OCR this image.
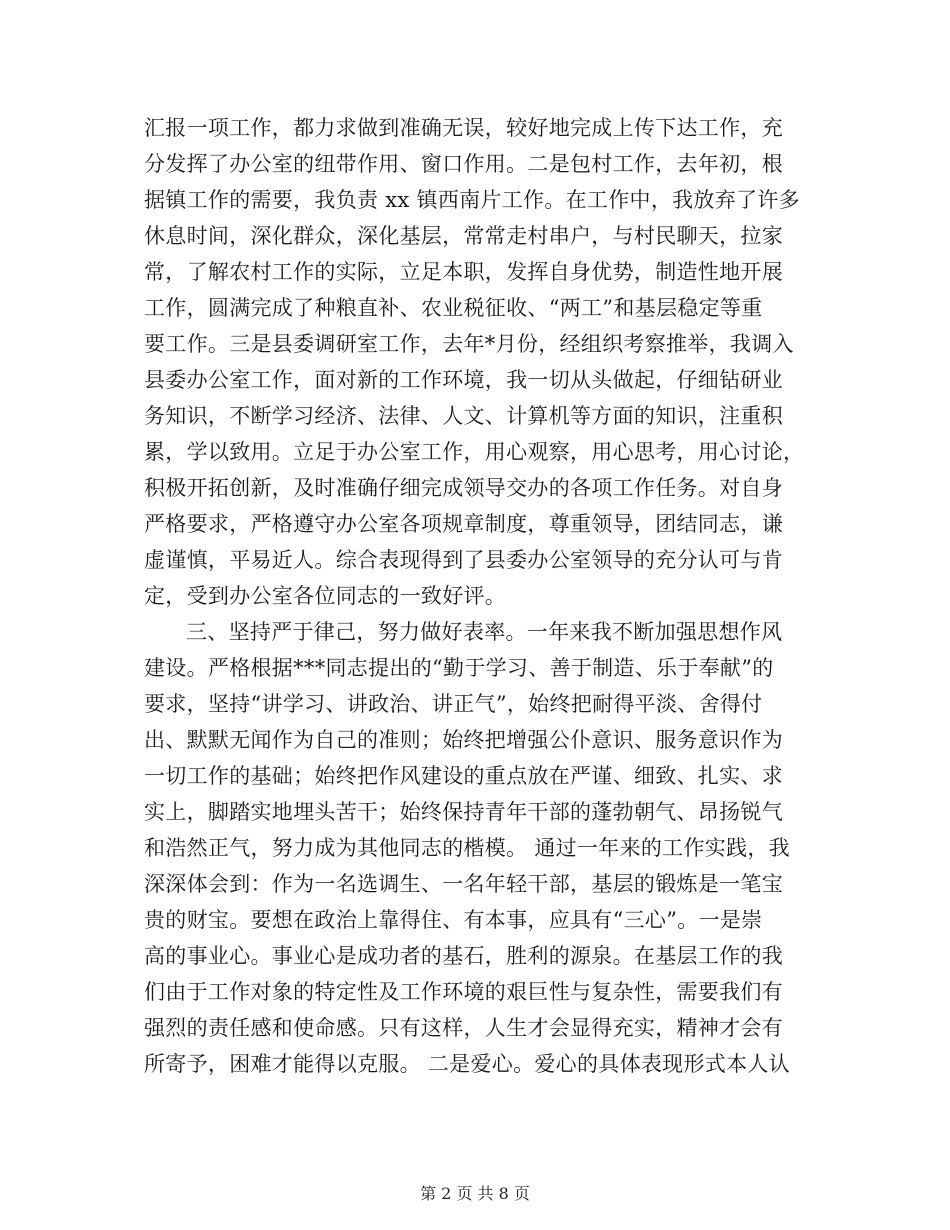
汇报一项工作，都力求做到准确无误，较好地完成上传下达工作，充
分发挥了办公室的纽带作用、窗口作用。二是包村工作，去年初，根
据镇工作的需要，我负责 xx 镇西南片工作。在工作中，我放弃了许多
休息时间，深化群众，深化基层，常常走村串户，与村民聊天，拉家
常，了解农村工作的实际，立足本职，发挥自身优势，制造性地开展
工作，圆满完成了种粮直补、农业税征收、“两工”和基层稳定等重
要工作。三是县委调研室工作，去年*月份，经组织考察推举，我调入
县委办公室工作，面对新的工作环境，我一切从头做起，仔细钻研业
务知识，不断学习经济、法律、人文、计算机等方面的知识，注重积
累，学以致用。立足于办公室工作，用心观察，用心思考，用心讨论，
积极开拓创新，及时准确仔细完成领导交办的各项工作任务。对自身
严格要求，严格遵守办公室各项规章制度，尊重领导，团结同志，谦
虚谨慎，平易近人。综合表现得到了县委办公室领导的充分认可与肯
定，受到办公室各位同志的一致好评。
三、坚持严于律己，努力做好表率。一年来我不断加强思想作风
建设。严格根据***同志提出的“勤于学习、善于制造、乐于奉献”的
要求，坚持“讲学习、讲政治、讲正气”，始终把耐得平淡、舍得付
出、默默无闻作为自己的准则；始终把增强公仆意识、服务意识作为
一切工作的基础；始终把作风建设的重点放在严谨、细致、扎实、求
实上，脚踏实地埋头苦干；始终保持青年干部的蓬勃朝气、昂扬锐气
和浩然正气，努力成为其他同志的楷模。 通过一年来的工作实践，我
深深体会到：作为一名选调生、一名年轻干部，基层的锻炼是一笔宝
贵的财宝。要想在政治上靠得住、有本事，应具有“三心”。一是崇
高的事业心。事业心是成功者的基石，胜利的源泉。在基层工作的我
们由于工作对象的特定性及工作环境的艰巨性与复杂性，需要我们有
强烈的责任感和使命感。只有这样，人生才会显得充实，精神才会有
所寄予，困难才能得以克服。 二是爱心。爱心的具体表现形式本人认
第 2 页 共 8 页
